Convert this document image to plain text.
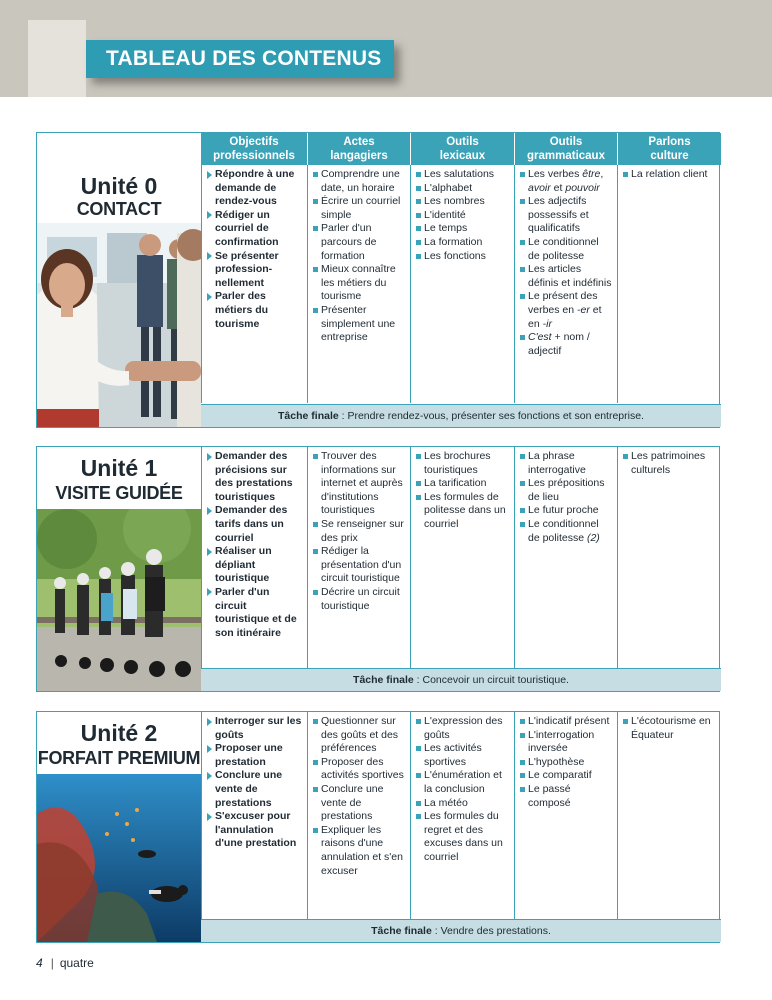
TABLEAU DES CONTENUS
Unité 0
CONTACT
Objectifs
professionnels
Actes
langagiers
Outils
lexicaux
Outils
grammaticaux
Parlons
culture
Répondre à une demande de rendez-vous
Rédiger un courriel de confirmation
Se présenter profession-nellement
Parler des métiers du tourisme
Comprendre une date, un horaire
Écrire un courriel simple
Parler d'un parcours de formation
Mieux connaître les métiers du tourisme
Présenter simplement une entreprise
Les salutations
L'alphabet
Les nombres
L'identité
Le temps
La formation
Les fonctions
Les verbes être, avoir et pouvoir
Les adjectifs possessifs et qualificatifs
Le conditionnel de politesse
Les articles définis et indéfinis
Le présent des verbes en -er et en -ir
C'est + nom / adjectif
La relation client
Tâche finale : Prendre rendez-vous, présenter ses fonctions et son entreprise.
Unité 1
VISITE GUIDÉE
Demander des précisions sur des prestations touristiques
Demander des tarifs dans un courriel
Réaliser un dépliant touristique
Parler d'un circuit touristique et de son itinéraire
Trouver des informations sur internet et auprès d'institutions touristiques
Se renseigner sur des prix
Rédiger la présentation d'un circuit touristique
Décrire un circuit touristique
Les brochures touristiques
La tarification
Les formules de politesse dans un courriel
La phrase interrogative
Les prépositions de lieu
Le futur proche
Le conditionnel de politesse (2)
Les patrimoines culturels
Tâche finale : Concevoir un circuit touristique.
Unité 2
FORFAIT PREMIUM
Interroger sur les goûts
Proposer une prestation
Conclure une vente de prestations
S'excuser pour l'annulation d'une prestation
Questionner sur des goûts et des préférences
Proposer des activités sportives
Conclure une vente de prestations
Expliquer les raisons d'une annulation et s'en excuser
L'expression des goûts
Les activités sportives
L'énumération et la conclusion
La météo
Les formules du regret et des excuses dans un courriel
L'indicatif présent
L'interrogation inversée
L'hypothèse
Le comparatif
Le passé composé
L'écotourisme en Équateur
Tâche finale : Vendre des prestations.
4 | quatre
